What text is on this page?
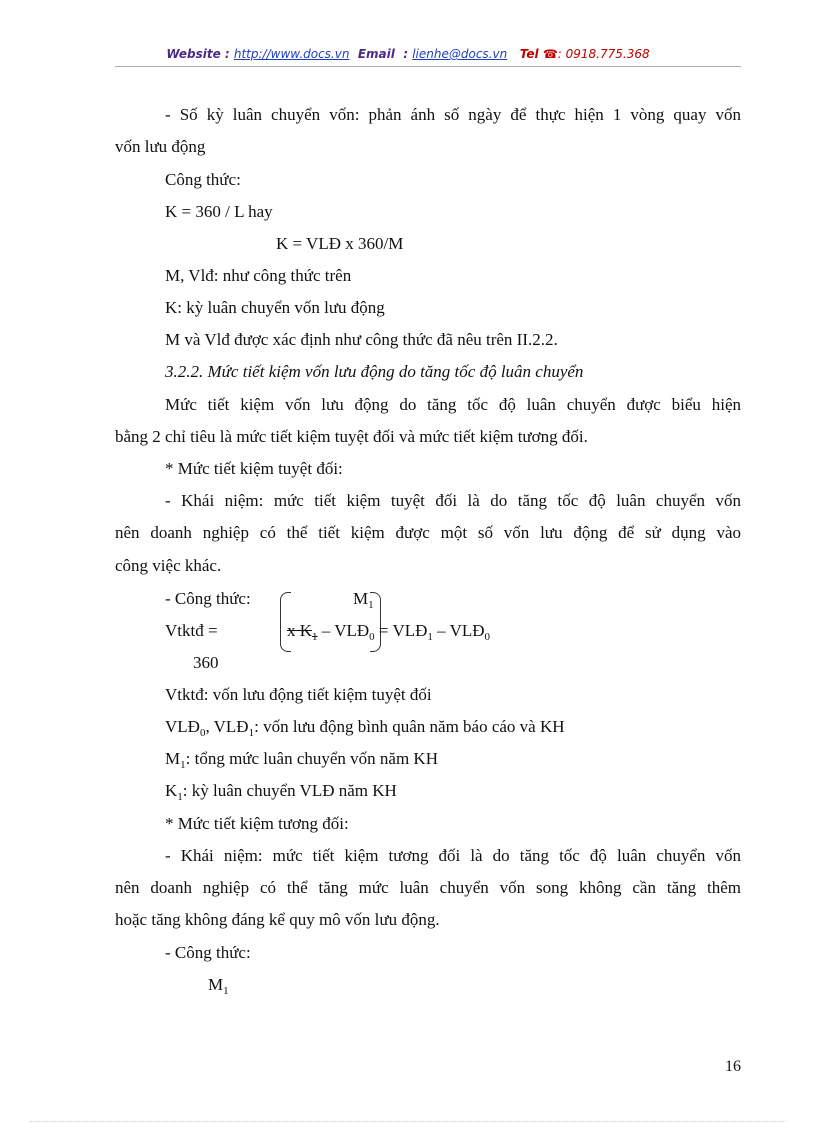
Website : http://www.docs.vn Email : lienhe@docs.vn Tel ☎: 0918.775.368
- Số kỳ luân chuyển vốn: phản ánh số ngày để thực hiện 1 vòng quay vốn
vốn lưu động
Công thức:
K = 360 / L hay
K = VLĐ x 360/M
M, Vlđ: như công thức trên
K: kỳ luân chuyển vốn lưu động
M và Vlđ được xác định như công thức đã nêu trên II.2.2.
3.2.2. Mức tiết kiệm vốn lưu động do tăng tốc độ luân chuyển
Mức tiết kiệm vốn lưu động do tăng tốc độ luân chuyển được biểu hiện
bằng 2 chỉ tiêu là mức tiết kiệm tuyệt đối và mức tiết kiệm tương đối.
* Mức tiết kiệm tuyệt đối:
- Khái niệm: mức tiết kiệm tuyệt đối là do tăng tốc độ luân chuyển vốn
nên doanh nghiệp có thể tiết kiệm được một số vốn lưu động để sử dụng vào
công việc khác.
- Công thức:	$M_1$
Vtktđ =	x $K_1$ – $VLĐ_0$ = $VLĐ_1$ – $VLĐ_0$
360
Vtktđ: vốn lưu động tiết kiệm tuyệt đối
$VLĐ_0$, $VLĐ_1$: vốn lưu động bình quân năm báo cáo và KH
$M_1$: tổng mức luân chuyển vốn năm KH
$K_1$: kỳ luân chuyển VLĐ năm KH
* Mức tiết kiệm tương đối:
- Khái niệm: mức tiết kiệm tương đối là do tăng tốc độ luân chuyển vốn
nên doanh nghiệp có thể tăng mức luân chuyển vốn song không cần tăng thêm
hoặc tăng không đáng kể quy mô vốn lưu động.
- Công thức:
$M_1$
16
